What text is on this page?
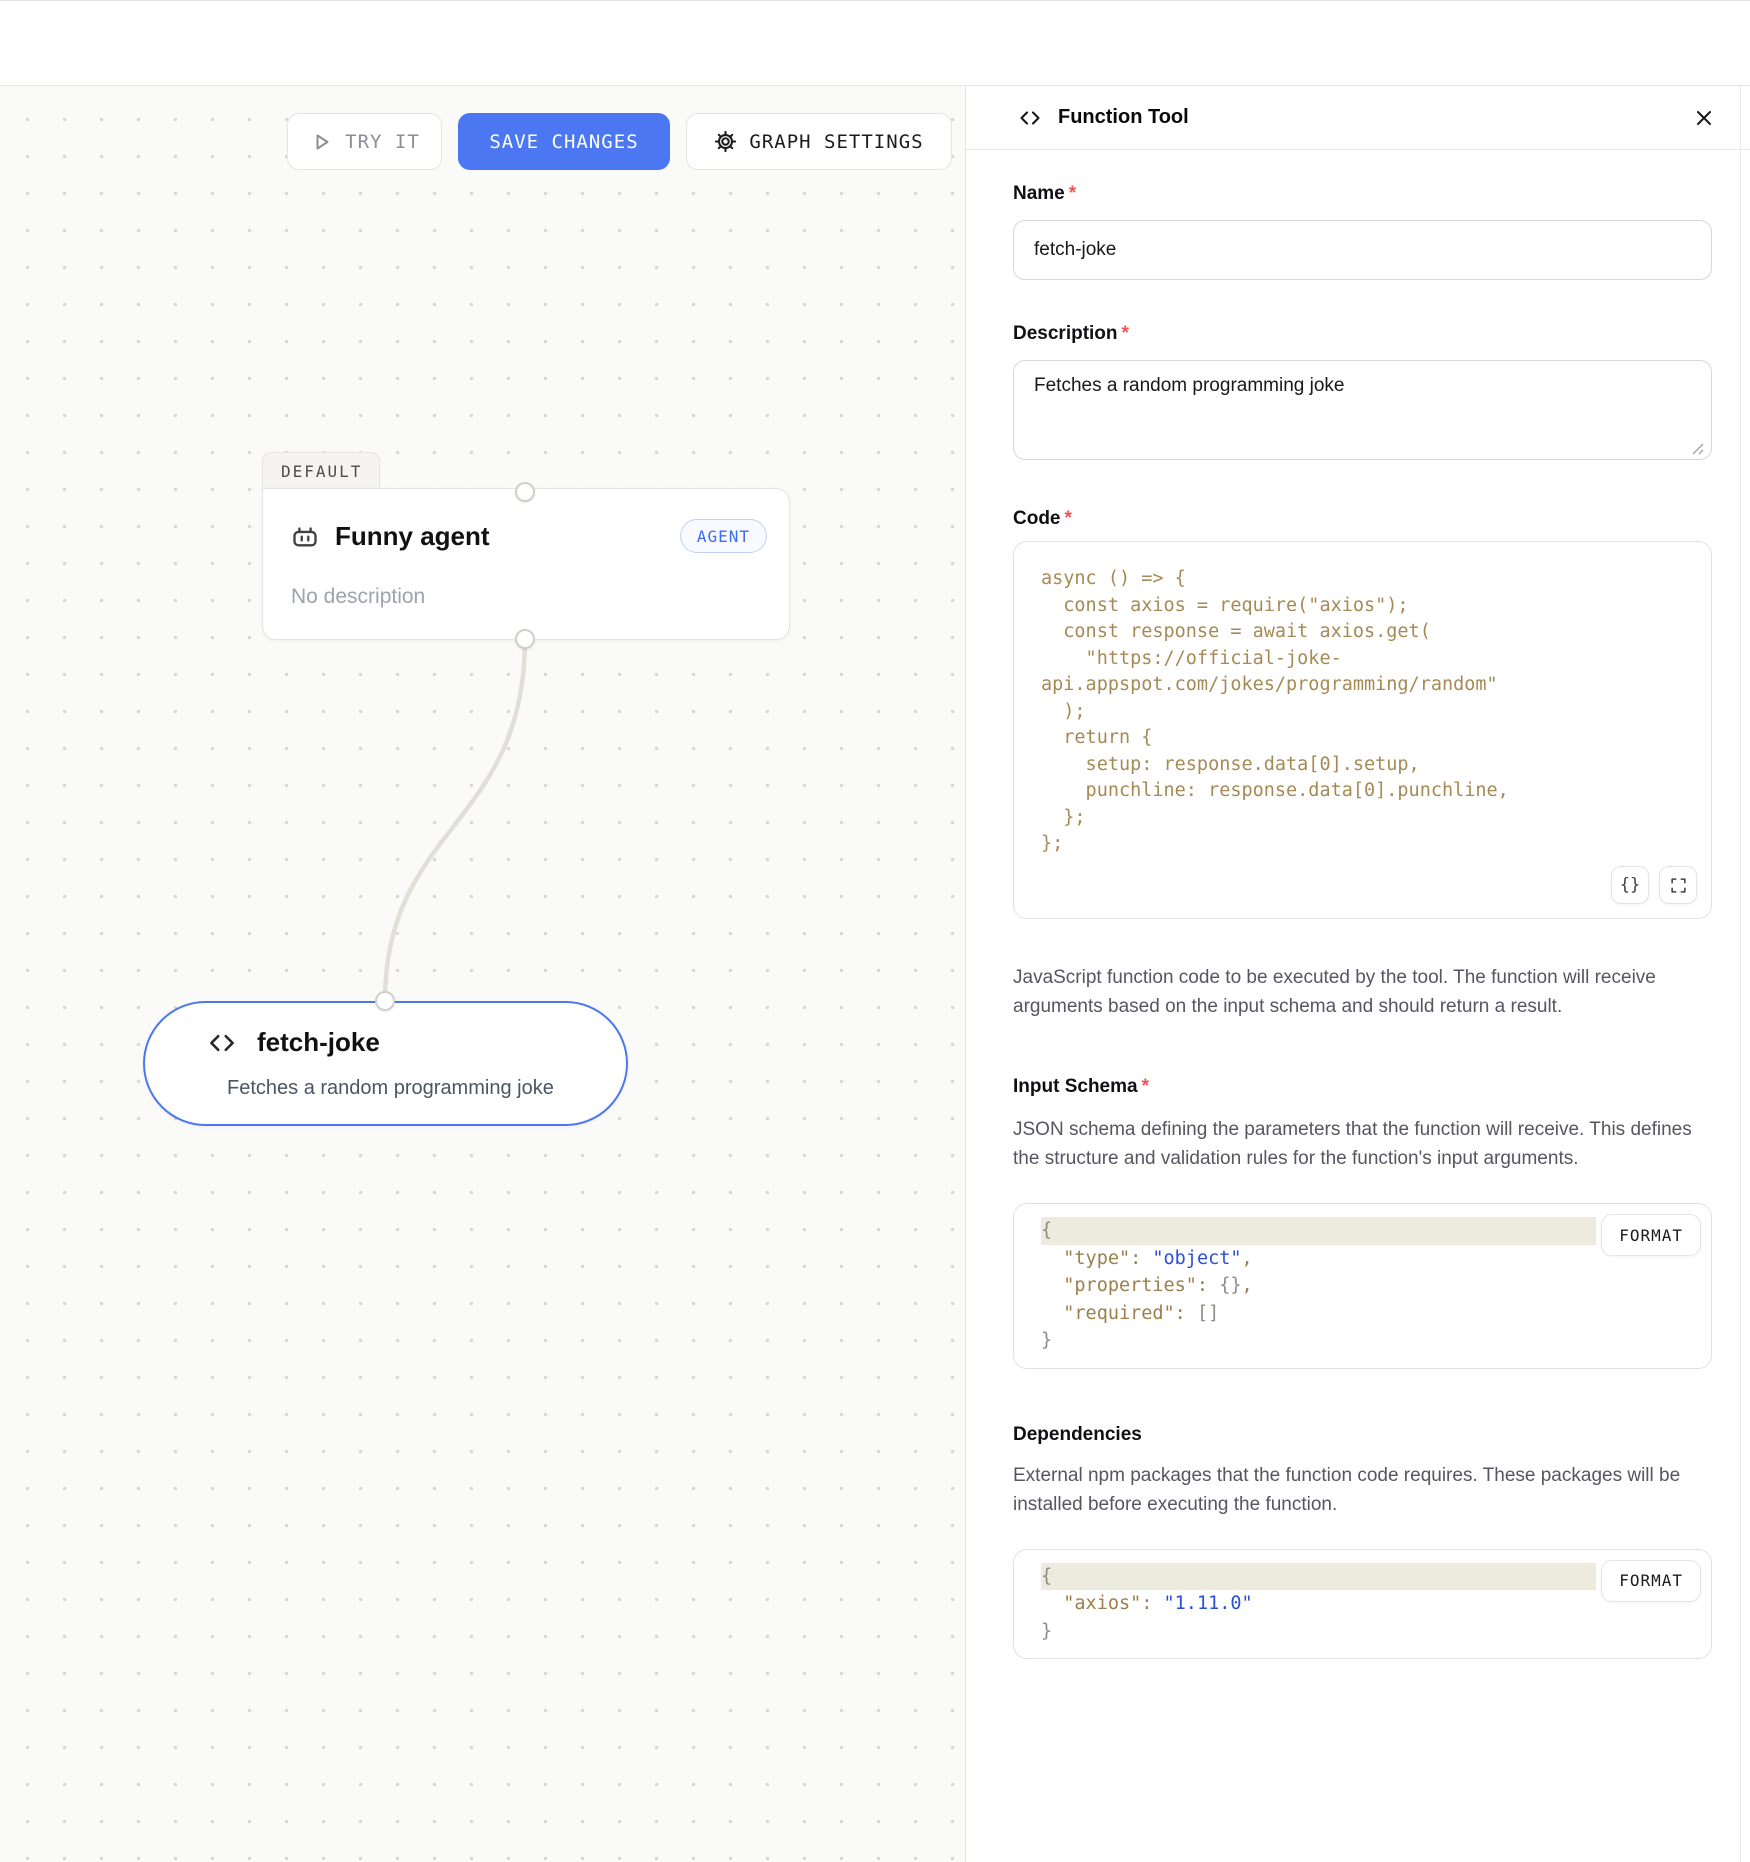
TRY IT	SAVE CHANGES	GRAPH SETTINGS
DEFAULT
Funny agent	AGENT
No description
fetch-joke
Fetches a random programming joke
Function Tool
Name *
fetch-joke
Description *
Fetches a random programming joke
Code *
async () => {
const axios = require("axios");
const response = await axios.get(
"https://official-joke-
api.appspot.com/jokes/programming/random"
);
return {
setup: response.data[0].setup,
punchline: response.data[0].punchline,
};
};
{}

JavaScript function code to be executed by the tool. The function will receive arguments based on the input schema and should return a result.

Input Schema *

JSON schema defining the parameters that the function will receive. This defines the structure and validation rules for the function's input arguments.

{
"type": "object",
"properties": {},
"required": []
}
FORMAT
Dependencies

External npm packages that the function code requires. These packages will be installed before executing the function.

{
"axios": "1.11.0"
}
FORMAT
